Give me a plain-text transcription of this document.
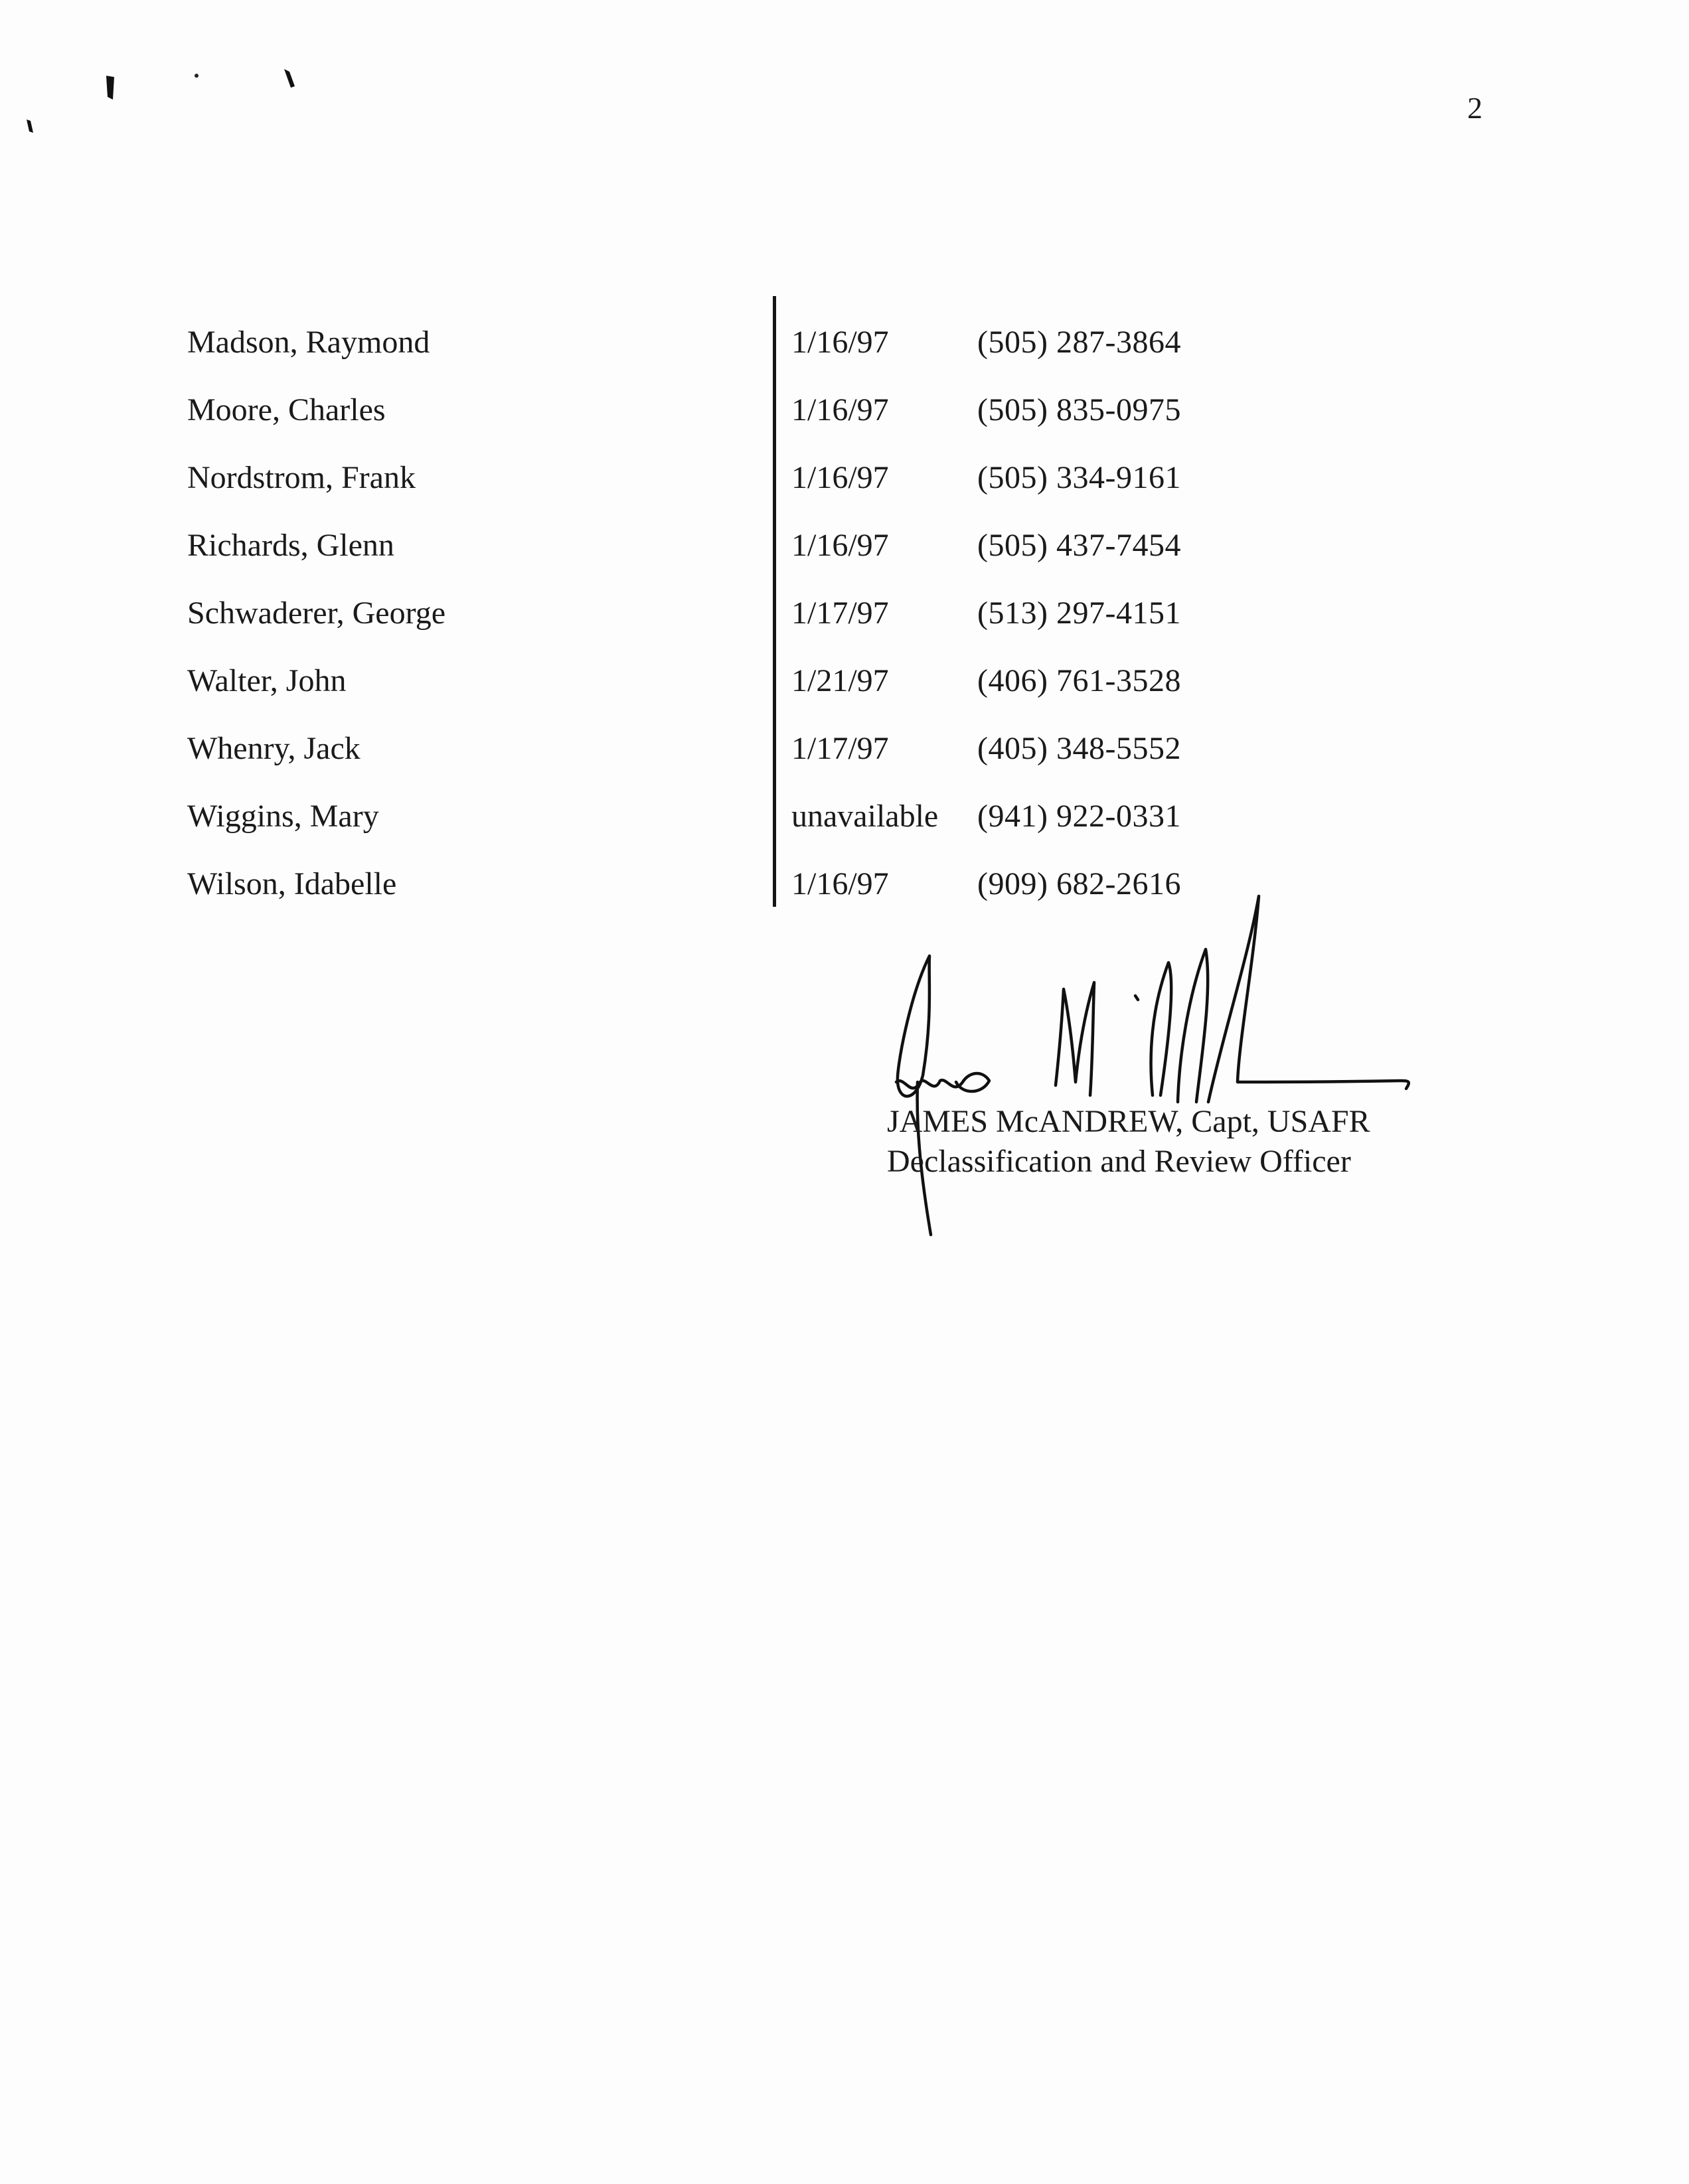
2
Madson, Raymond	1/16/97	(505) 287-3864
Moore, Charles	1/16/97	(505) 835-0975
Nordstrom, Frank	1/16/97	(505) 334-9161
Richards, Glenn	1/16/97	(505) 437-7454
Schwaderer, George	1/17/97	(513) 297-4151
Walter, John	1/21/97	(406) 761-3528
Whenry, Jack	1/17/97	(405) 348-5552
Wiggins, Mary	unavailable (941) 922-0331
Wilson, Idabelle	1/16/97	(909) 682-2616
JAMES McANDREW, Capt, USAFR
Declassification and Review Officer
